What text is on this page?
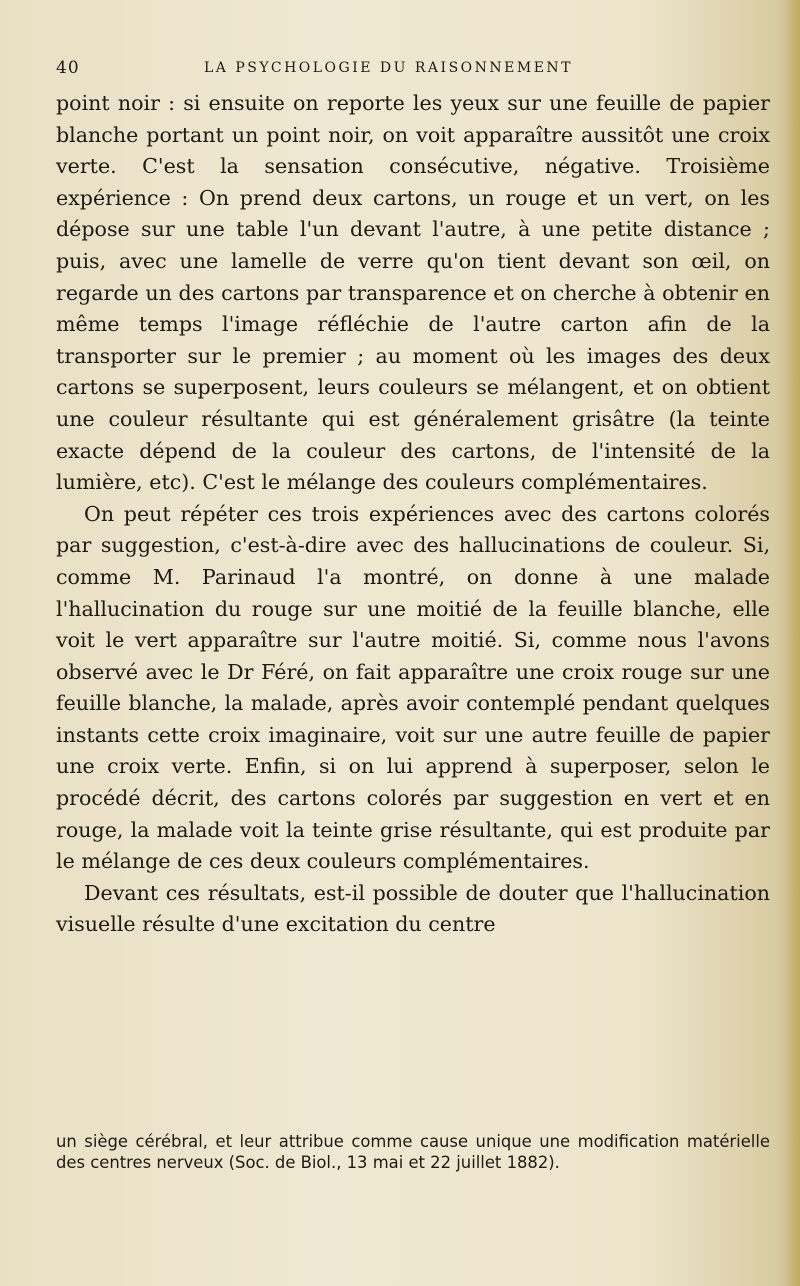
40	LA PSYCHOLOGIE DU RAISONNEMENT

point noir : si ensuite on reporte les yeux sur une feuille de papier blanche portant un point noir, on voit apparaître aussitôt une croix verte. C'est la sensation consécutive, négative. Troisième expérience : On prend deux cartons, un rouge et un vert, on les dépose sur une table l'un devant l'autre, à une petite distance ; puis, avec une lamelle de verre qu'on tient devant son œil, on regarde un des cartons par transparence et on cherche à obtenir en même temps l'image réfléchie de l'autre carton afin de la transporter sur le premier ; au moment où les images des deux cartons se superposent, leurs couleurs se mélangent, et on obtient une couleur résultante qui est généralement grisâtre (la teinte exacte dépend de la couleur des cartons, de l'intensité de la lumière, etc). C'est le mélange des couleurs complémentaires.

On peut répéter ces trois expériences avec des cartons colorés par suggestion, c'est-à-dire avec des hallucinations de couleur. Si, comme M. Parinaud l'a montré, on donne à une malade l'hallucination du rouge sur une moitié de la feuille blanche, elle voit le vert apparaître sur l'autre moitié. Si, comme nous l'avons observé avec le Dr Féré, on fait apparaître une croix rouge sur une feuille blanche, la malade, après avoir contemplé pendant quelques instants cette croix imaginaire, voit sur une autre feuille de papier une croix verte. Enfin, si on lui apprend à superposer, selon le procédé décrit, des cartons colorés par suggestion en vert et en rouge, la malade voit la teinte grise résultante, qui est produite par le mélange de ces deux couleurs complémentaires.

Devant ces résultats, est-il possible de douter que l'hallucination visuelle résulte d'une excitation du centre

un siège cérébral, et leur attribue comme cause unique une modification matérielle des centres nerveux (Soc. de Biol., 13 mai et 22 juillet 1882).
